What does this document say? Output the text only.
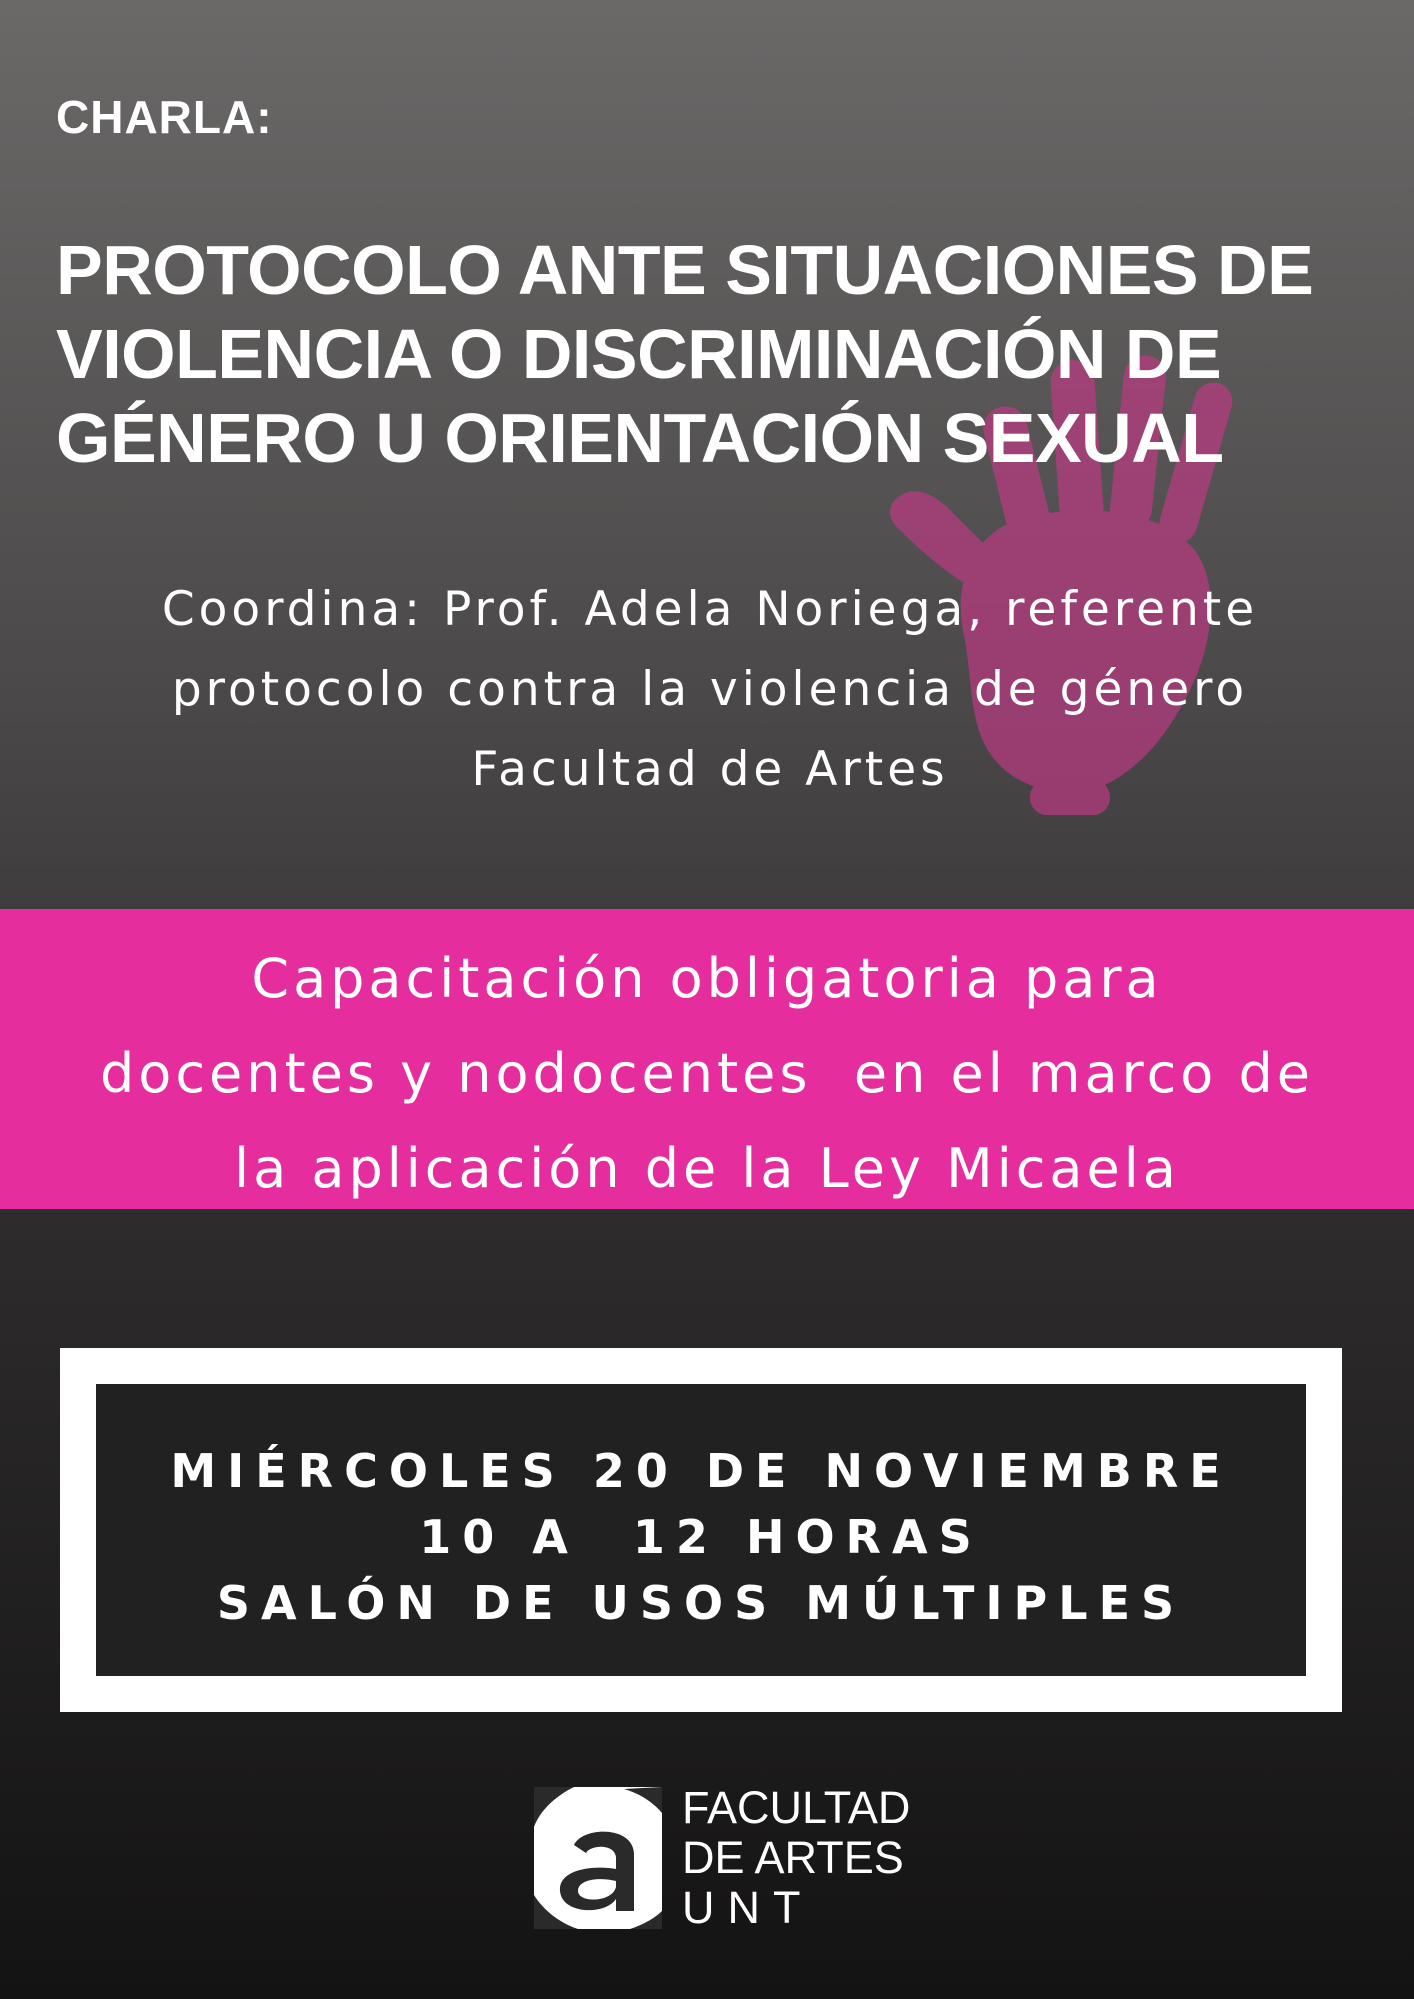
CHARLA:
PROTOCOLO ANTE SITUACIONES DE
VIOLENCIA O DISCRIMINACIÓN DE
GÉNERO U ORIENTACIÓN SEXUAL
Coordina: Prof. Adela Noriega, referente
protocolo contra la violencia de género
Facultad de Artes
Capacitación obligatoria para
docentes y nodocentes  en el marco de
la aplicación de la Ley Micaela
MIÉRCOLES 20 DE NOVIEMBRE
10 A  12 HORAS
SALÓN DE USOS MÚLTIPLES
FACULTAD
DE ARTES
UNT
